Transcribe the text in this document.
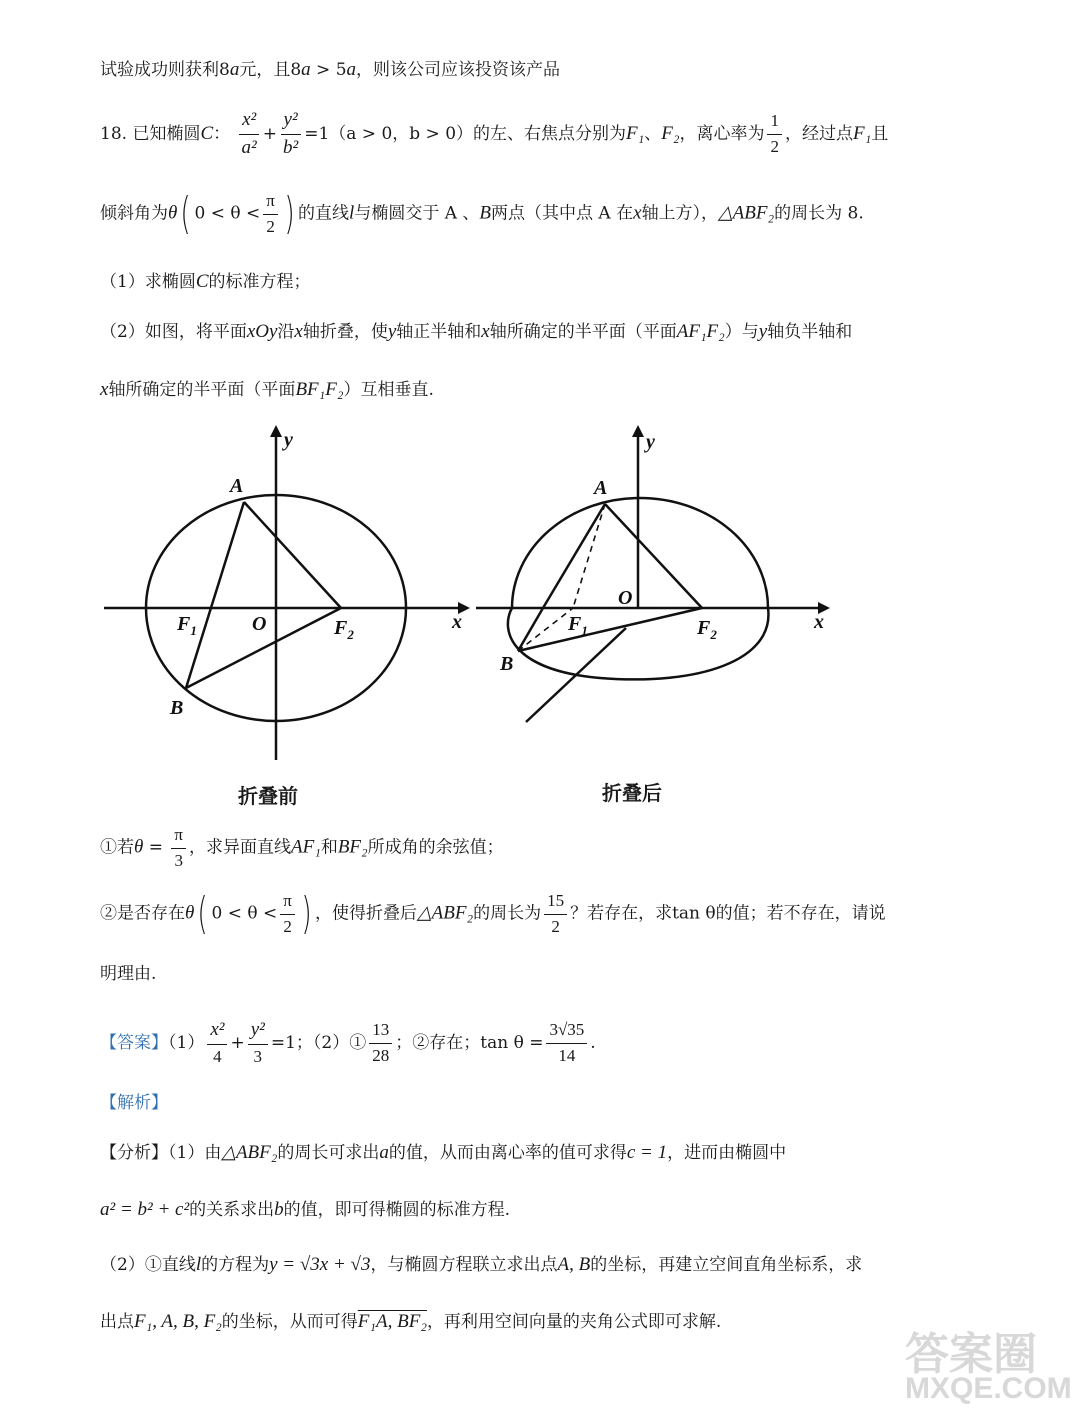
试验成功则获利8a元，且8a > 5a，则该公司应该投资该产品
18. 已知椭圆C： $\frac{\text{x²}}{\text{a²}} + \frac{\text{y²}}{\text{b²}} =1(a > 0$，b > 0）的左、右焦点分别为F₁、F₂，离心率为 $\frac{1}{2}$ ，经过点F₁且
倾斜角为θ( $0 < \theta < \frac{\pi}{2}$ ) 的直线l与椭圆交于 A 、B两点（其中点 A 在x轴上方），△ABF₂的周长为 8.
（1）求椭圆C的标准方程；
（2）如图，将平面xOy沿x轴折叠，使y轴正半轴和x轴所确定的半平面（平面AF₁F₂）与y轴负半轴和
x轴所确定的半平面（平面BF₁F₂）互相垂直.
y
x
A
B
O
$F_1$	$F_2$
折叠前
y
x
A
B
O
$F_1$	$F_2$
折叠后
①若$\theta = \frac{\pi}{3}$ ，求异面直线AF₁和BF₂所成角的余弦值；
②是否存在θ( $0 < \theta < \frac{\pi}{2}$ ) ，使得折叠后△ABF₂的周长为 $\frac{15}{2}$ ？若存在，求tan θ的值；若不存在，请说
明理由.
【答案】$(1) \frac{\text{x²}}{4} + \frac{\text{y²}}{3} =1$；（2）① $\frac{13}{28}$ ；②存在；$\tan \theta = \frac{3√35}{14}$ .
【解析】
【分析】（1）由△ABF₂的周长可求出a的值，从而由离心率的值可求得c = 1，进而由椭圆中
a² = b² + c²的关系求出b的值，即可得椭圆的标准方程.
（2）①直线l的方程为y = √3x + √3，与椭圆方程联立求出点A, B的坐标，再建立空间直角坐标系，求
出点F₁, A, B, F₂的坐标，从而可得F₁A, BF₂，再利用空间向量的夹角公式即可求解.
答案圈
MXQE.COM
